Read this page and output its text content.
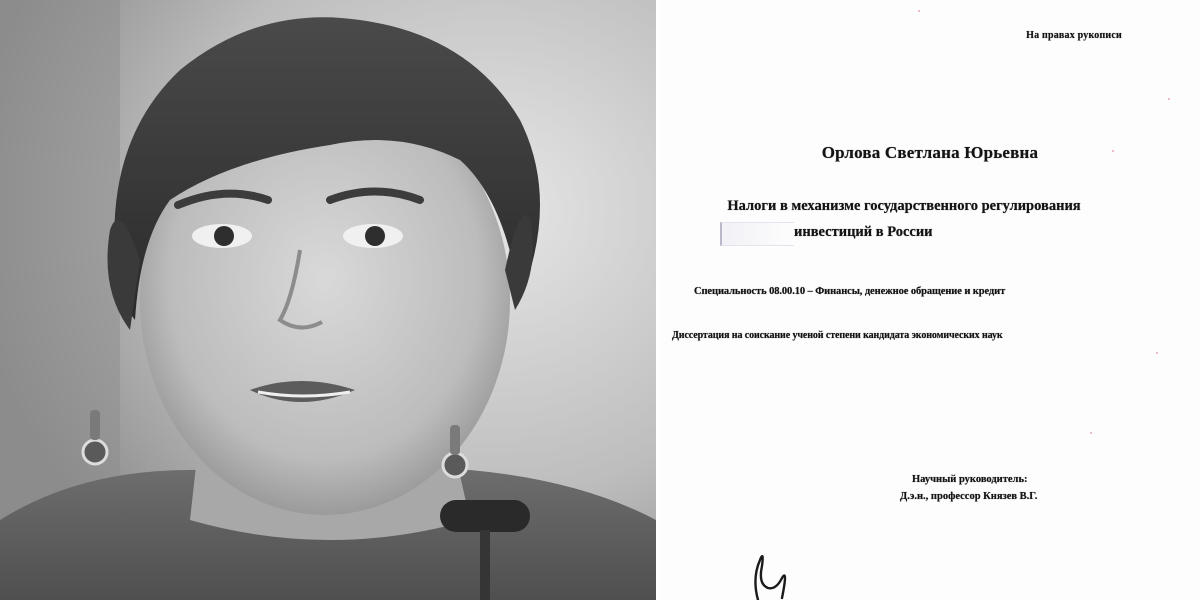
На правах рукописи
Орлова Светлана Юрьевна
Налоги в механизме государственного регулирования
инвестиций в России
Специальность 08.00.10 – Финансы, денежное обращение и кредит
Диссертация на соискание ученой степени кандидата экономических наук
Научный руководитель:
Д.э.н., профессор Князев В.Г.
